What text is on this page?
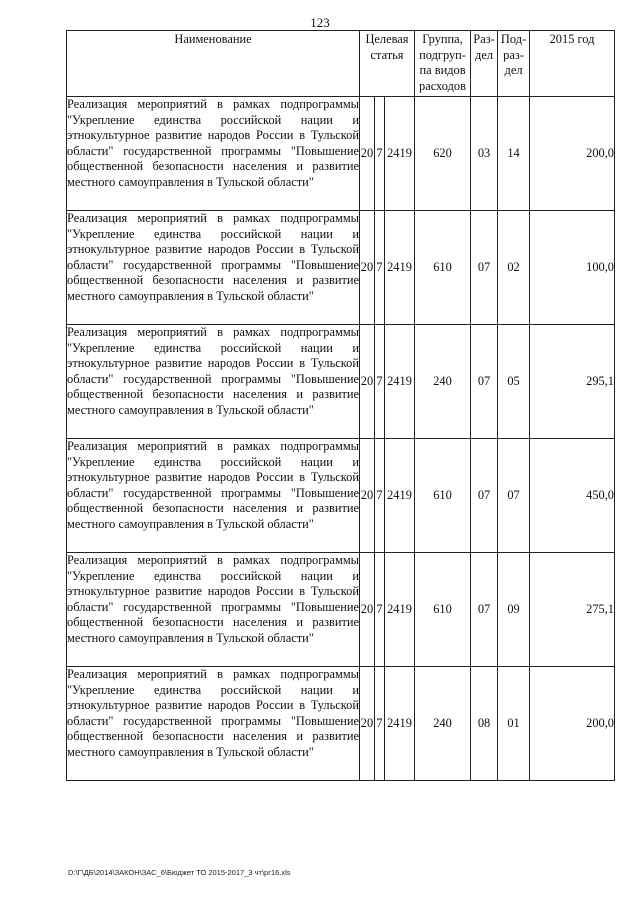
123
Наименование	Целевая статья			Группа, подгруп-па видов расходов	Раз-дел	Под-раз-дел	2015 год

Реализация мероприятий в рамках подпрограммы "Укрепление единства российской нации и этнокультурное развитие народов России в Тульской области" государственной программы "Повышение общественной безопасности населения и развитие местного самоуправления в Тульской области"	20	7	2419	620	03	14	200,0
Реализация мероприятий в рамках подпрограммы "Укрепление единства российской нации и этнокультурное развитие народов России в Тульской области" государственной программы "Повышение общественной безопасности населения и развитие местного самоуправления в Тульской области"	20	7	2419	610	07	02	100,0
Реализация мероприятий в рамках подпрограммы "Укрепление единства российской нации и этнокультурное развитие народов России в Тульской области" государственной программы "Повышение общественной безопасности населения и развитие местного самоуправления в Тульской области"	20	7	2419	240	07	05	295,1
Реализация мероприятий в рамках подпрограммы "Укрепление единства российской нации и этнокультурное развитие народов России в Тульской области" государственной программы "Повышение общественной безопасности населения и развитие местного самоуправления в Тульской области"	20	7	2419	610	07	07	450,0
Реализация мероприятий в рамках подпрограммы "Укрепление единства российской нации и этнокультурное развитие народов России в Тульской области" государственной программы "Повышение общественной безопасности населения и развитие местного самоуправления в Тульской области"	20	7	2419	610	07	09	275,1
Реализация мероприятий в рамках подпрограммы "Укрепление единства российской нации и этнокультурное развитие народов России в Тульской области" государственной программы "Повышение общественной безопасности населения и развитие местного самоуправления в Тульской области"	20	7	2419	240	08	01	200,0
D:\Г\ДБ\2014\ЗАКОН\ЗАС_6\Бюджет ТО 2015-2017_3 чт\рг16.xls
